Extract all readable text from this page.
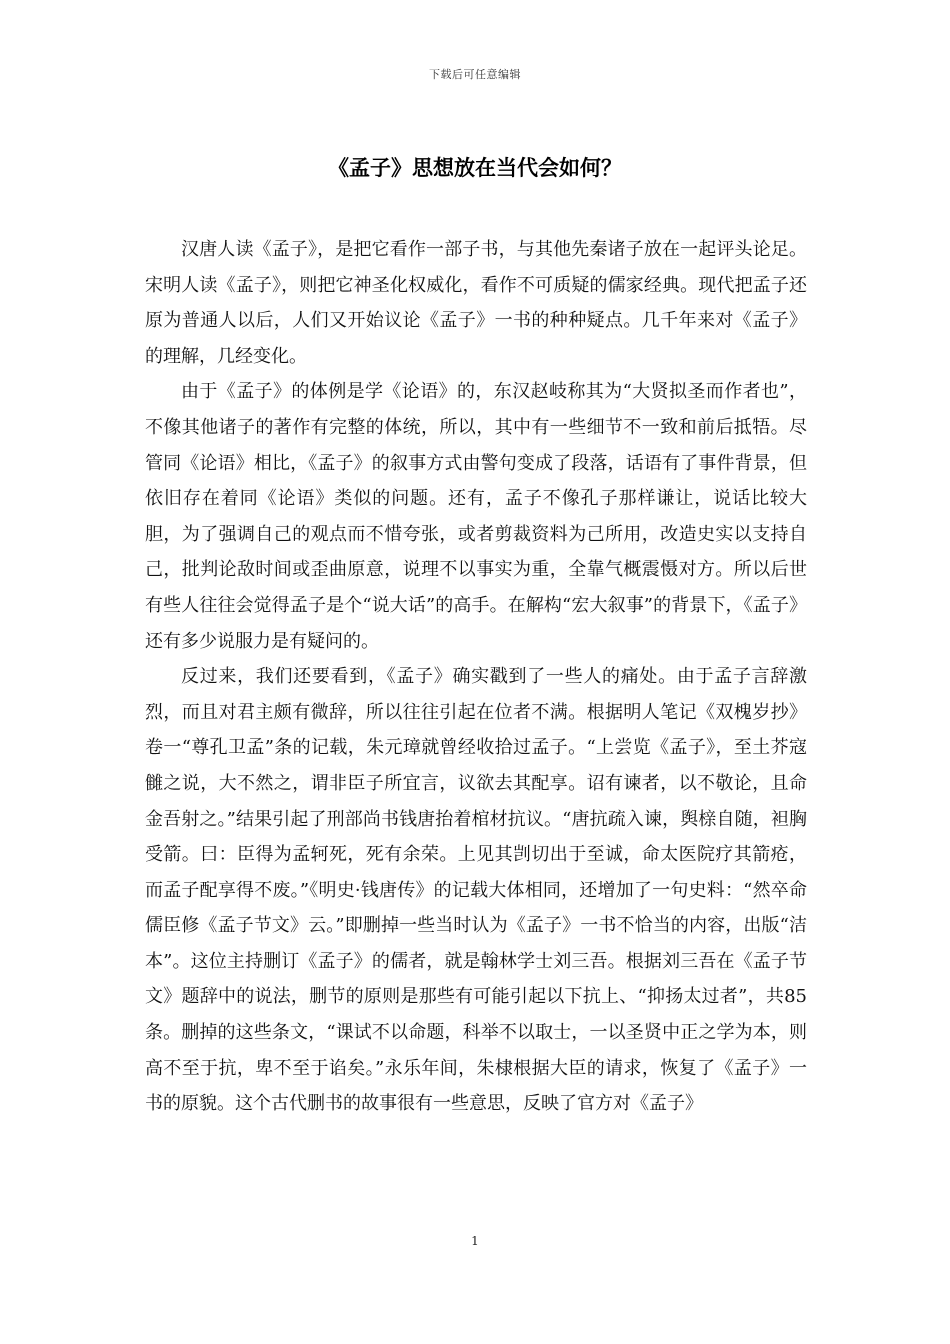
下载后可任意编辑
《孟子》思想放在当代会如何？

汉唐人读《孟子》，是把它看作一部子书，与其他先秦诸子放在一起评头论足。宋明人读《孟子》，则把它神圣化权威化，看作不可质疑的儒家经典。现代把孟子还原为普通人以后，人们又开始议论《孟子》一书的种种疑点。几千年来对《孟子》的理解，几经变化。

由于《孟子》的体例是学《论语》的，东汉赵岐称其为“大贤拟圣而作者也”，不像其他诸子的著作有完整的体统，所以，其中有一些细节不一致和前后抵牾。尽管同《论语》相比，《孟子》的叙事方式由警句变成了段落，话语有了事件背景，但依旧存在着同《论语》类似的问题。还有，孟子不像孔子那样谦让，说话比较大胆，为了强调自己的观点而不惜夸张，或者剪裁资料为己所用，改造史实以支持自己，批判论敌时间或歪曲原意，说理不以事实为重，全靠气概震慑对方。所以后世有些人往往会觉得孟子是个“说大话”的高手。在解构“宏大叙事”的背景下，《孟子》还有多少说服力是有疑问的。

反过来，我们还要看到，《孟子》确实戳到了一些人的痛处。由于孟子言辞激烈，而且对君主颇有微辞，所以往往引起在位者不满。根据明人笔记《双槐岁抄》卷一“尊孔卫孟”条的记载，朱元璋就曾经收拾过孟子。“上尝览《孟子》，至土芥寇雠之说，大不然之，谓非臣子所宜言，议欲去其配享。诏有谏者，以不敬论，且命金吾射之。”结果引起了刑部尚书钱唐抬着棺材抗议。“唐抗疏入谏，舆榇自随，袒胸受箭。曰：臣得为孟轲死，死有余荣。上见其剀切出于至诚，命太医院疗其箭疮，而孟子配享得不废。”《明史·钱唐传》的记载大体相同，还增加了一句史料：“然卒命儒臣修《孟子节文》云。”即删掉一些当时认为《孟子》一书不恰当的内容，出版“洁本”。这位主持删订《孟子》的儒者，就是翰林学士刘三吾。根据刘三吾在《孟子节文》题辞中的说法，删节的原则是那些有可能引起以下抗上、“抑扬太过者”，共85条。删掉的这些条文，“课试不以命题，科举不以取士，一以圣贤中正之学为本，则高不至于抗，卑不至于谄矣。”永乐年间，朱棣根据大臣的请求，恢复了《孟子》一书的原貌。这个古代删书的故事很有一些意思，反映了官方对《孟子》

1
